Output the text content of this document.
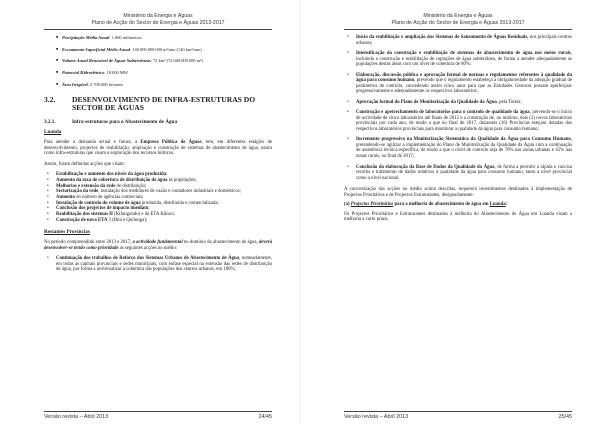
Ministério da Energia e Águas
Plano de Acção do Sector de Energia e Águas 2013-2017
■ Precipitação Média Anual: 1.060 milímetros
■ Escoamento Superficial Médio Anual: 140.000.000.000 m³/ano (140 km³/ano)
■ Volume Anual Renovável de Águas Subterrâneas: 72 km³ (72.000.000.000 m³)
■ Potencial Hidroelétrico: 18.000 MW
■ Área Irrigável: 3.700.000 hectares
3.2.	DESENVOLVIMENTO DE INFRA-ESTRUTURAS DO SECTOR DE ÁGUAS
3.2.1.	Infra-estruturas para o Abastecimento de Água
Luanda

Para atender a demanda actual e futura, a Empresa Pública de Águas, tem, em diferentes estágios de desenvolvimento, projectos de reabilitação, ampliação e construção de sistemas de abastecimento de água, assim como infra-estruturas que visam a exploração dos recursos hídricos.

Assim, foram definidas acções que visam:

• Estabilização e aumento dos níveis da água produzida;
• Aumento da taxa de cobertura de distribuição de água às populações;
• Melhorias e extensão da rede de distribuição;
• Sectorização da rede, instalação dos medidores de vazão e contadores industriais e domésticos;
• Aumento do número de agências comerciais;
• Instalação de controlo do volume de água produzida, distribuída e comercializada;
• Conclusão dos projectos de impacto imediato;
• Reabilitação dos sistemas II (Kifangondo) e da ETA Kikuxi;
• Construção de nova ETA 3 (Bita e Quilonga);
Restantes Províncias

No período compreendido entre 2013 e 2017, a actividade fundamental no domínio do abastecimento de água, deverá desenvolver-se tendo como prioridade as seguintes acções no médio:

• Continuação dos trabalhos de Reforço dos Sistemas Urbanos de Abastecimento de Água, nomeadamente, em todas as capitais provinciais e sedes municipais, com ênfase especial na extensão das redes de distribuição de água, por forma a universalizar a cobertura das populações dos centros urbanos, em 100%;
Versão revista – Abril 2013	24/45
Ministério da Energia e Águas
Plano de Acção do Sector de Energia e Águas 2013-2017
• Início da reabilitação e ampliação dos Sistemas de Saneamento de Águas Residuais, nos principais centros urbanos;
• Intensificação da construção e reabilitação de sistemas de abastecimento de água nos meios rurais, incluindo a construção e reabilitação de captações de água subterrânea, de forma a atender adequadamente as populações destas áreas com um nível de cobertura de 80%;
• Elaboração, discussão pública e aprovação formal de normas e regulamentos referentes à qualidade da água para consumo humano, prevendo que o regulamento estabeleça a obrigatoriedade da adopção gradual de parâmetros de controlo, concedendo assim cinco anos para que as Entidades Gestoras possam aperfeiçoar progressivamente e adequadamente os respectivos laboratórios;
• Aprovação formal do Plano de Monitorização da Qualidade da Água, pela Tutela;
• Construção e apetrechamento de laboratórios para o controlo de qualidade da água, prevendo-se o início de actividade de cinco laboratórios até finais de 2012 e a construção de, no mínimo, dois (2) novos laboratórios provinciais por cada ano, de modo a que no final de 2017, dezasseis (16) Províncias estejam dotadas dos respectivos laboratórios provinciais para monitorar a qualidade da água para consumo humano;
• Incremento progressivo na Monitorização Sistemática da Qualidade da Água para Consumo Humano, pretendendo-se agilizar a implementação do Plano de Monitorização da Qualidade da Água com a continuação de assistência técnica específica, de modo a que o nível de controlo seja de 70% nas zonas urbanas e 45% nas zonas rurais, no final de 2017;
• Conclusão da elaboração da Base de Dados da Qualidade da Água, de forma a permitir a rápida e concisa recolha e tratamento de dados relativos à qualidade da água para consumo humano, tanto a nível provincial como a nível nacional.

A concretização das acções no médio acima descritas, requererá investimentos destinados à implementação de Projectos Prioritários e de Projectos Estruturantes, designadamente:

(a) Projectos Prioritários para a melhoria do abastecimento de água em Luanda:

Os Projectos Prioritários e Estruturantes destinados à melhoria do Abastecimento de Água em Luanda visam a melhoria a curto prazo,

Versão revista – Abril 2013	25/45
